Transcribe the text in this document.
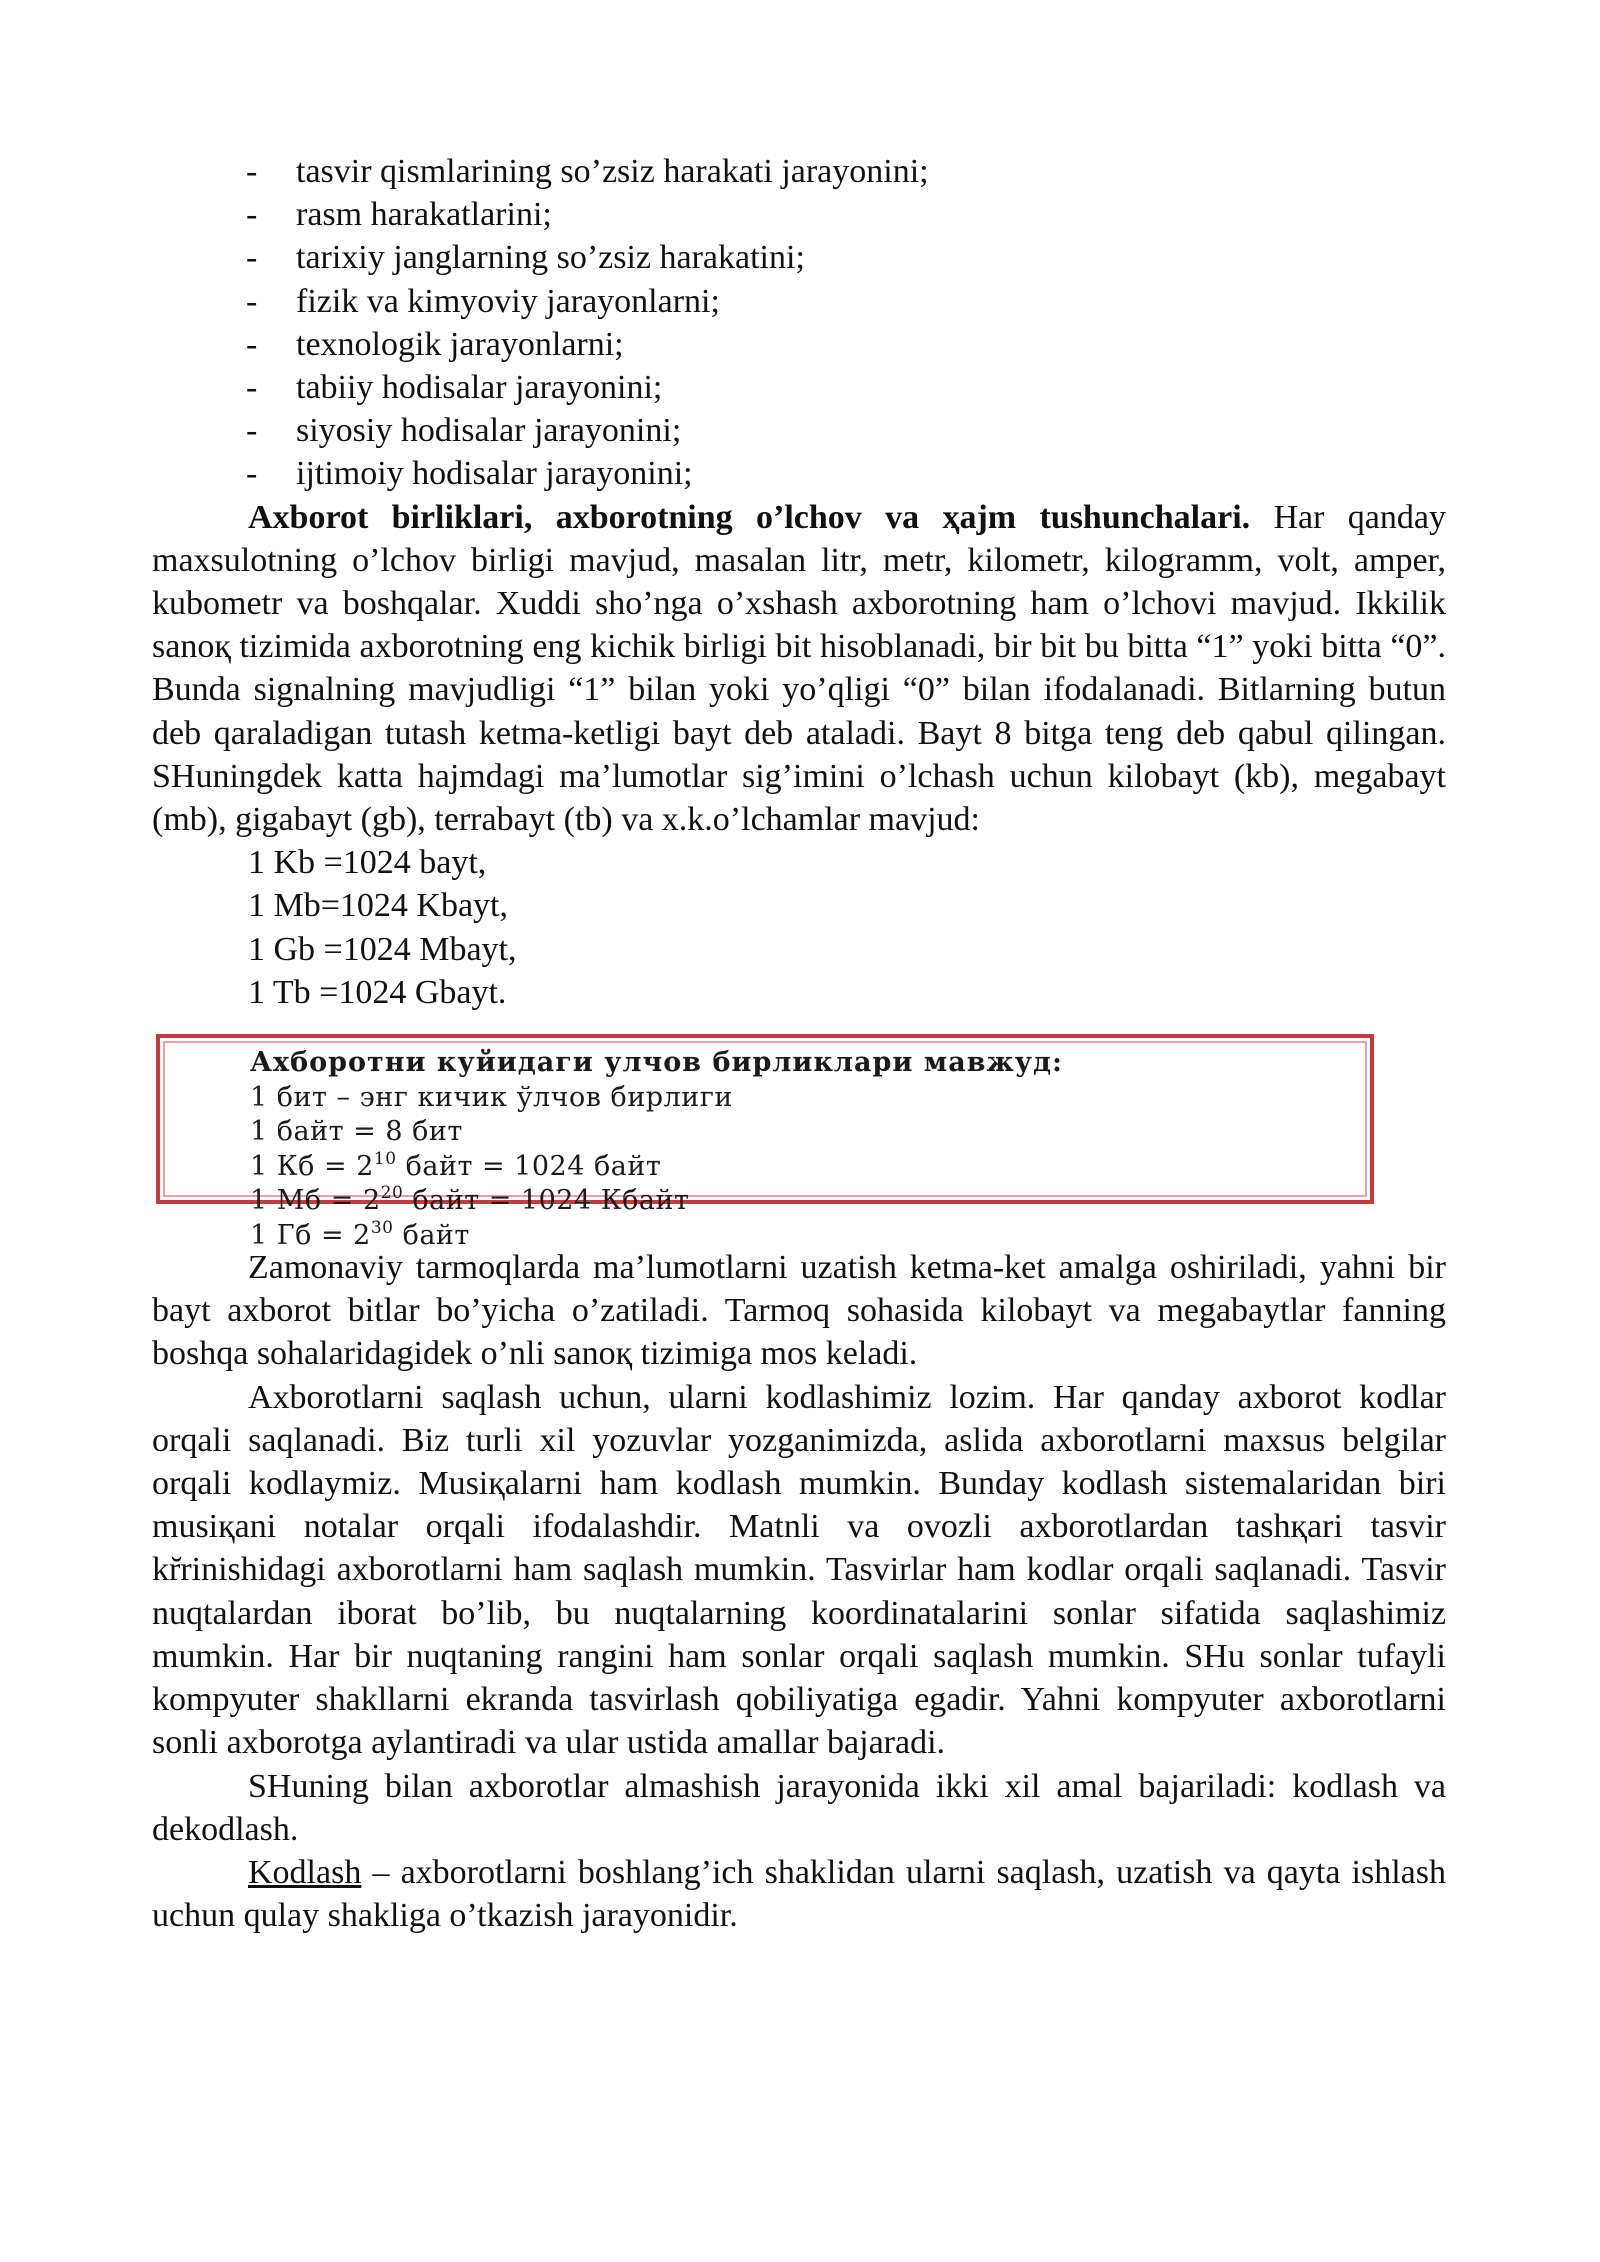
- tasvir qismlarining so’zsiz harakati jarayonini;
- rasm harakatlarini;
- tarixiy janglarning so’zsiz harakatini;
- fizik va kimyoviy jarayonlarni;
- texnologik jarayonlarni;
- tabiiy hodisalar jarayonini;
- siyosiy hodisalar jarayonini;
- ijtimoiy hodisalar jarayonini;

Axborot birliklari, axborotning o’lchov va ҳajm tushunchalari. Har qanday maxsulotning o’lchov birligi mavjud, masalan litr, metr, kilometr, kilogramm, volt, amper, kubometr va boshqalar. Xuddi sho’nga o’xshash axborotning ham o’lchovi mavjud. Ikkilik sanoқ tizimida axborotning eng kichik birligi bit hisoblanadi, bir bit bu bitta “1” yoki bitta “0”. Bunda signalning mavjudligi “1” bilan yoki yo’qligi “0” bilan ifodalanadi. Bitlarning butun deb qaraladigan tutash ketma-ketligi bayt deb ataladi. Bayt 8 bitga teng deb qabul qilingan. SHuningdek katta hajmdagi ma’lumotlar sig’imini o’lchash uchun kilobayt (kb), megabayt (mb), gigabayt (gb), terrabayt (tb) va x.k.o’lchamlar mavjud:

1 Kb =1024 bayt,
1 Mb=1024 Kbayt,
1 Gb =1024 Mbayt,
1 Tb =1024 Gbayt.
Ахборотни куйидаги улчов бирликлари мавжуд:
1 бит – энг кичик ўлчов бирлиги
1 байт = 8 бит
1 Кб = $2^{10}$ байт = 1024 байт
1 Мб = $2^{20}$ байт = 1024 Кбайт
1 Гб = $2^{30}$ байт

Zamonaviy tarmoqlarda ma’lumotlarni uzatish ketma-ket amalga oshiriladi, yahni bir bayt axborot bitlar bo’yicha o’zatiladi. Tarmoq sohasida kilobayt va megabaytlar fanning boshqa sohalaridagidek o’nli sanoқ tizimiga mos keladi.

Axborotlarni saqlash uchun, ularni kodlashimiz lozim. Har qanday axborot kodlar orqali saqlanadi. Biz turli xil yozuvlar yozganimizda, aslida axborotlarni maxsus belgilar orqali kodlaymiz. Musiқalarni ham kodlash mumkin. Bunday kodlash sistemalaridan biri musiқani notalar orqali ifodalashdir. Matnli va ovozli axborotlardan tashқari tasvir kr̆rinishidagi axborotlarni ham saqlash mumkin. Tasvirlar ham kodlar orqali saqlanadi. Tasvir nuqtalardan iborat bo’lib, bu nuqtalarning koordinatalarini sonlar sifatida saqlashimiz mumkin. Har bir nuqtaning rangini ham sonlar orqali saqlash mumkin. SHu sonlar tufayli kompyuter shakllarni ekranda tasvirlash qobiliyatiga egadir. Yahni kompyuter axborotlarni sonli axborotga aylantiradi va ular ustida amallar bajaradi.

SHuning bilan axborotlar almashish jarayonida ikki xil amal bajariladi: kodlash va dekodlash.

Kodlash – axborotlarni boshlang’ich shaklidan ularni saqlash, uzatish va qayta ishlash uchun qulay shakliga o’tkazish jarayonidir.
